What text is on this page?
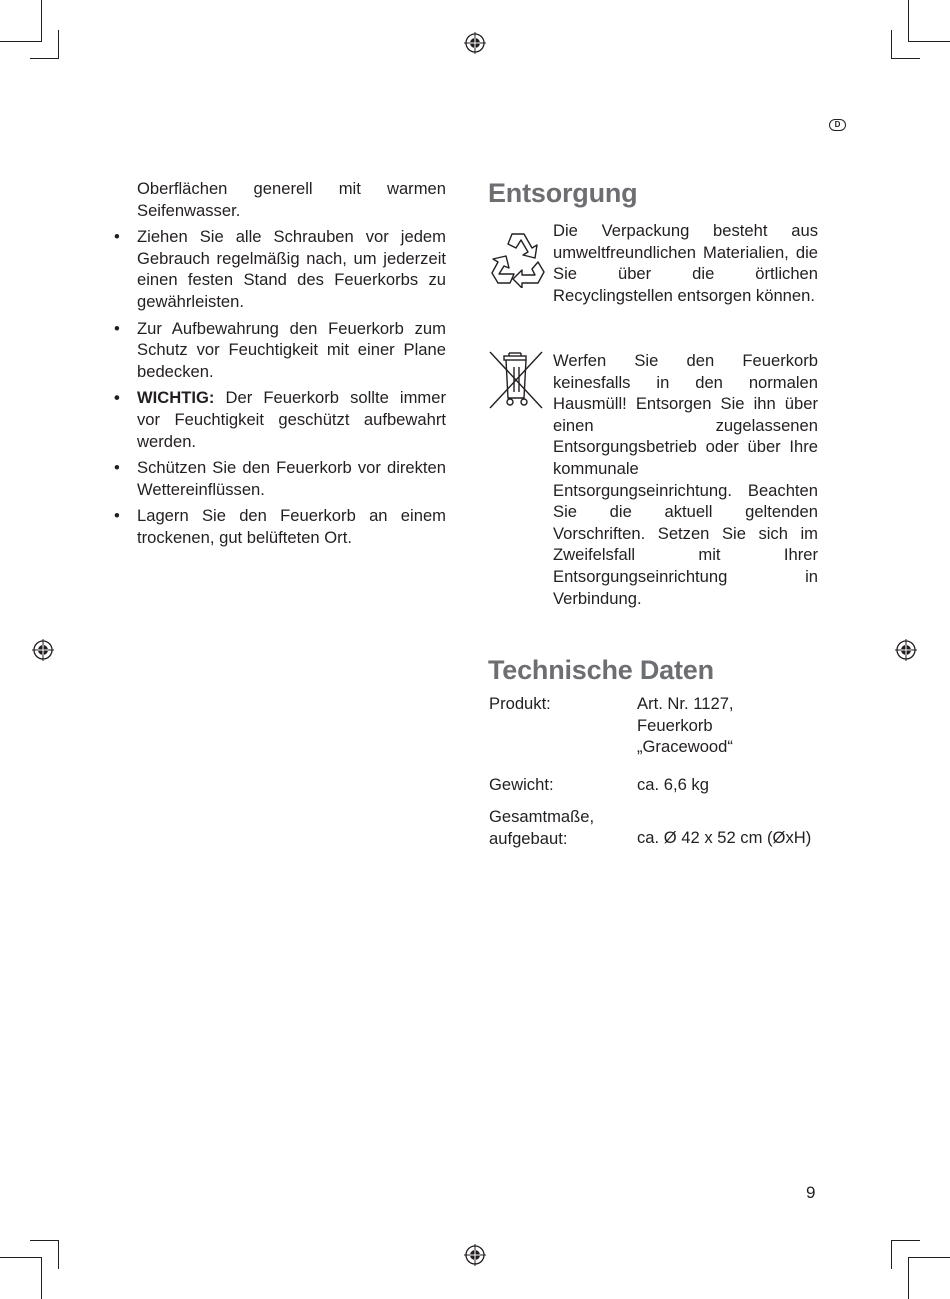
D
Oberflächen generell mit warmen Seifenwasser.
• Ziehen Sie alle Schrauben vor jedem Gebrauch regelmäßig nach, um jederzeit einen festen Stand des Feuerkorbs zu gewährleisten.
• Zur Aufbewahrung den Feuerkorb zum Schutz vor Feuchtigkeit mit einer Plane bedecken.
• WICHTIG: Der Feuerkorb sollte immer vor Feuchtigkeit geschützt aufbewahrt werden.
• Schützen Sie den Feuerkorb vor direkten Wettereinflüssen.
• Lagern Sie den Feuerkorb an einem trockenen, gut belüfteten Ort.
Entsorgung
Die Verpackung besteht aus umweltfreundlichen Materialien, die Sie über die örtlichen Recyclingstellen entsorgen können.
Werfen Sie den Feuerkorb keinesfalls in den normalen Hausmüll! Entsorgen Sie ihn über einen zugelassenen Entsorgungsbetrieb oder über Ihre kommunale Entsorgungseinrichtung. Beachten Sie die aktuell geltenden Vorschriften. Setzen Sie sich im Zweifelsfall mit Ihrer Entsorgungseinrichtung in Verbindung.
Technische Daten
Produkt:	Art. Nr. 1127,
Feuerkorb
„Gracewood“
Gewicht:	ca. 6,6 kg
Gesamtmaße,
aufgebaut:	ca. Ø 42 x 52 cm (ØxH)
9
